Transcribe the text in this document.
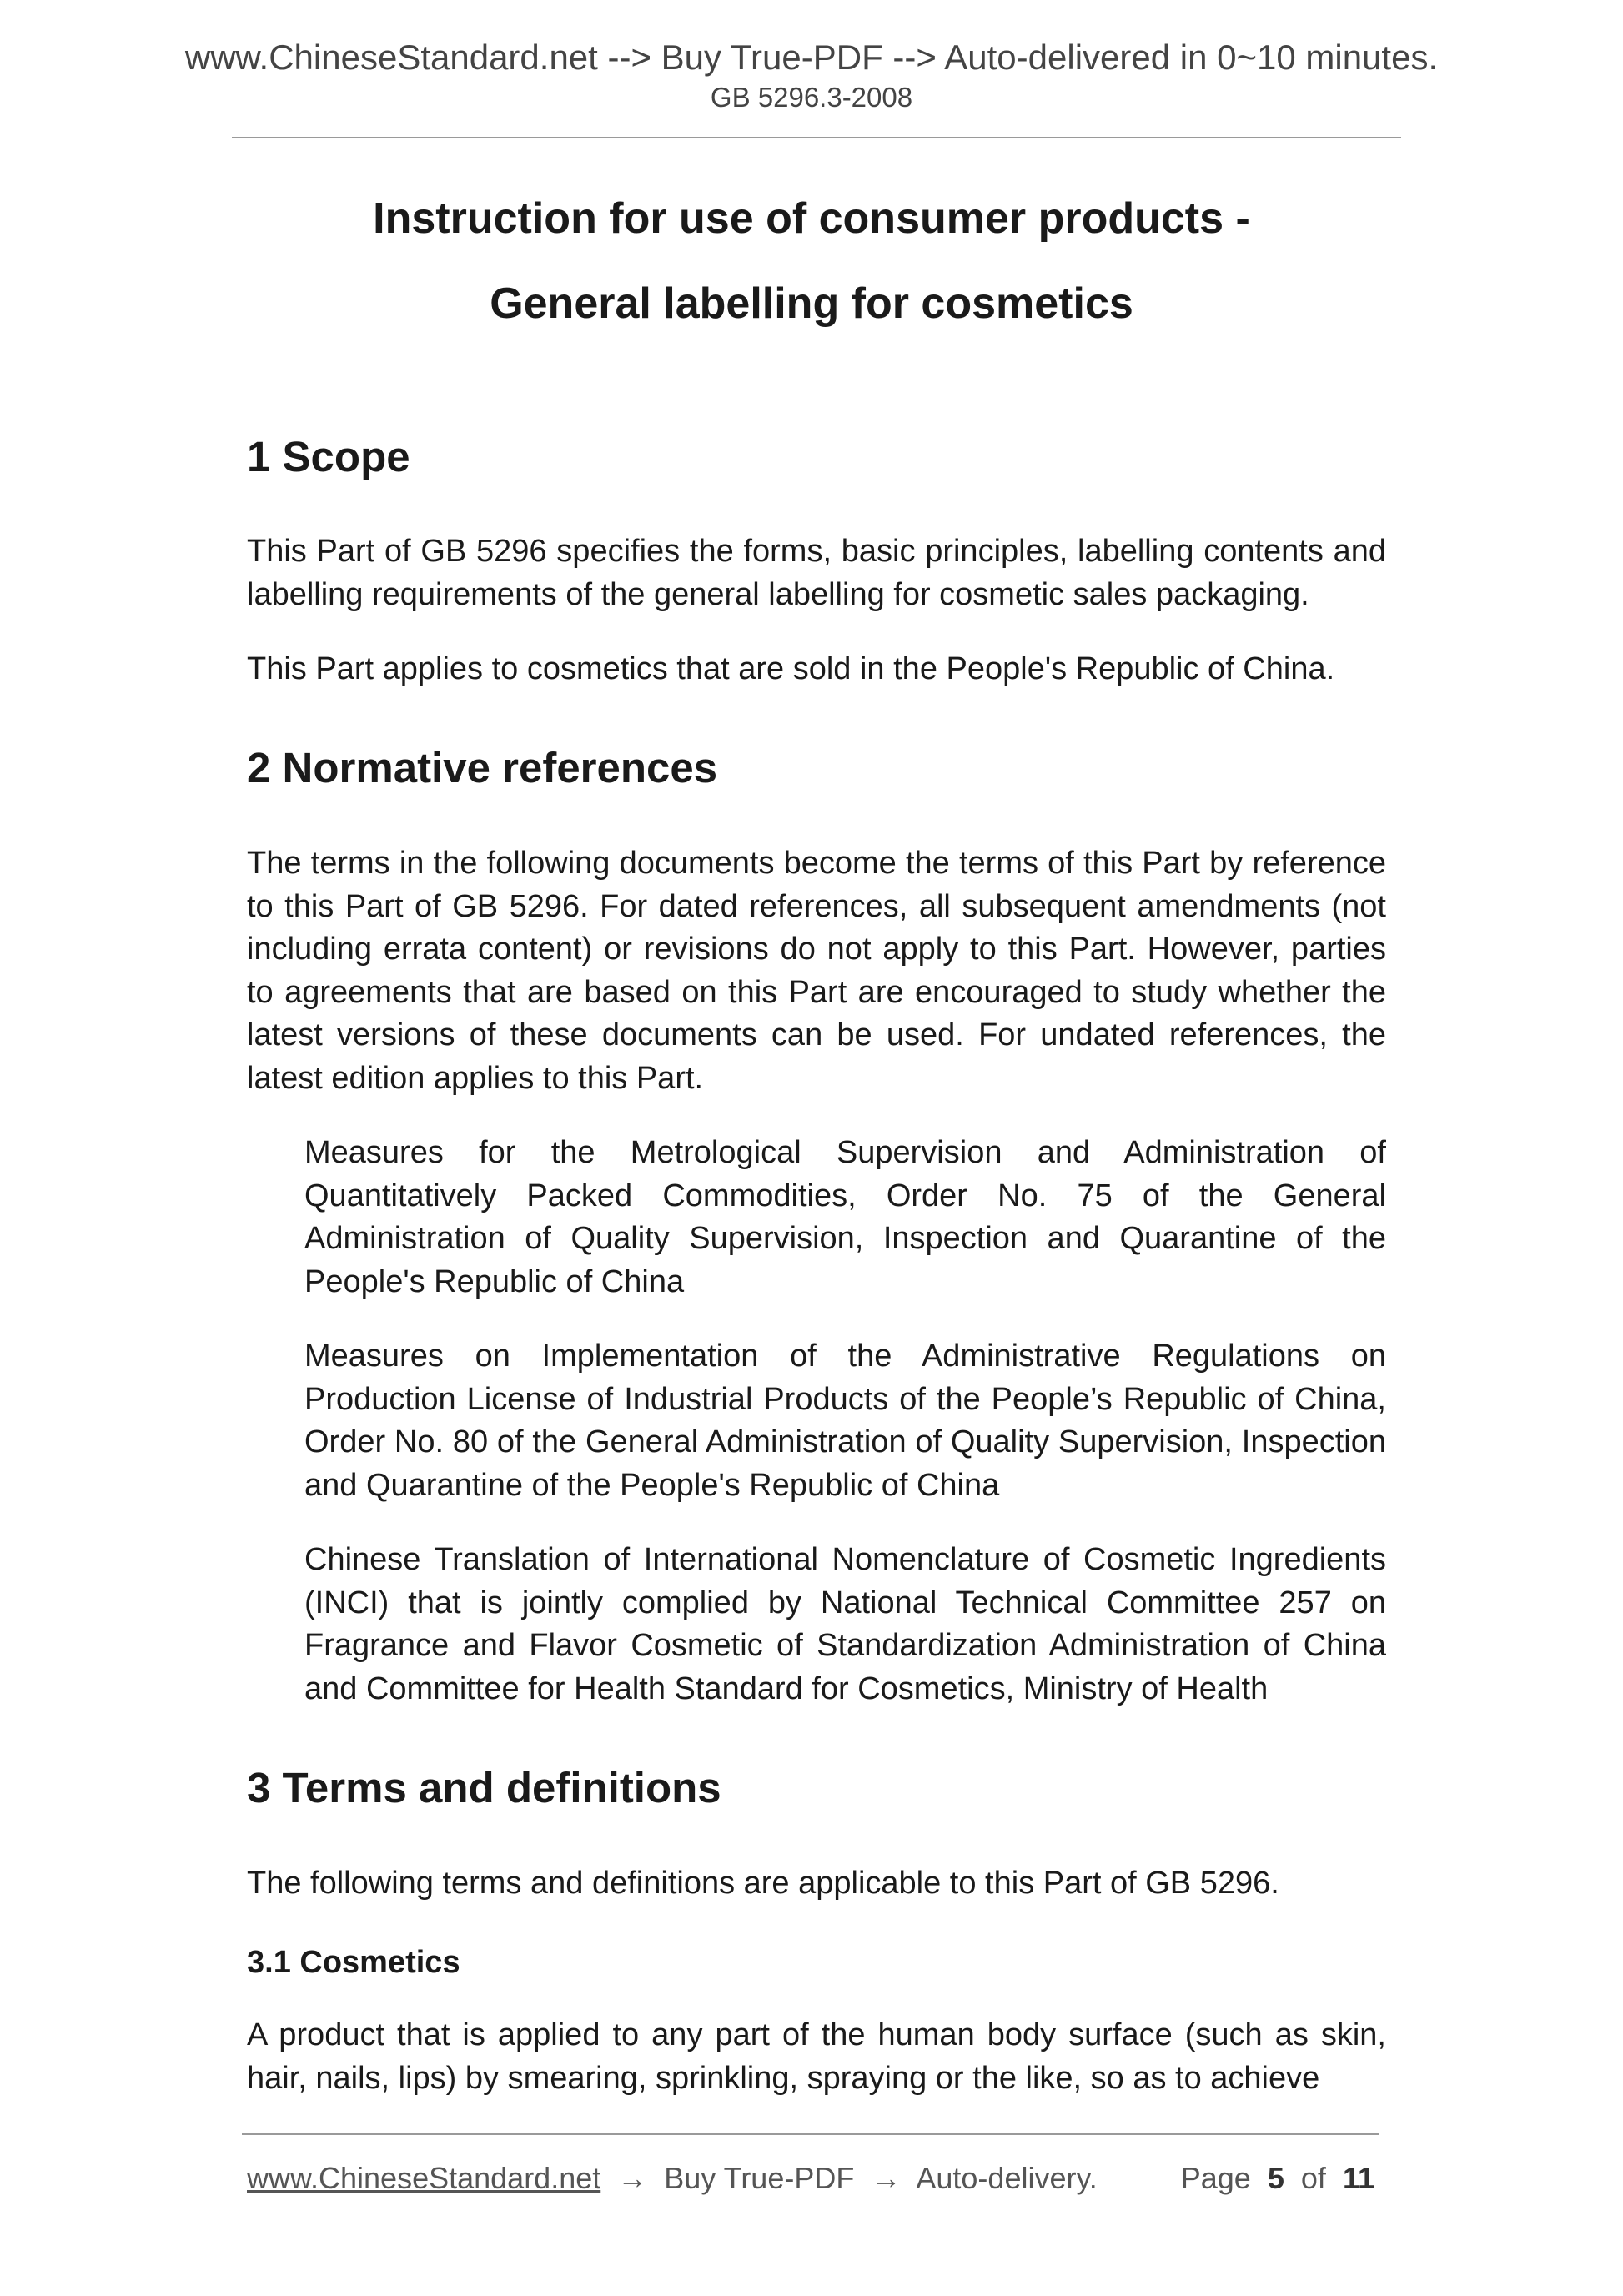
www.ChineseStandard.net --> Buy True-PDF --> Auto-delivered in 0~10 minutes.
GB 5296.3-2008
Instruction for use of consumer products -
General labelling for cosmetics
1 Scope
This Part of GB 5296 specifies the forms, basic principles, labelling contents and labelling requirements of the general labelling for cosmetic sales packaging.
This Part applies to cosmetics that are sold in the People's Republic of China.
2 Normative references
The terms in the following documents become the terms of this Part by reference to this Part of GB 5296. For dated references, all subsequent amendments (not including errata content) or revisions do not apply to this Part. However, parties to agreements that are based on this Part are encouraged to study whether the latest versions of these documents can be used. For undated references, the latest edition applies to this Part.
Measures for the Metrological Supervision and Administration of Quantitatively Packed Commodities, Order No. 75 of the General Administration of Quality Supervision, Inspection and Quarantine of the People's Republic of China
Measures on Implementation of the Administrative Regulations on Production License of Industrial Products of the People’s Republic of China, Order No. 80 of the General Administration of Quality Supervision, Inspection and Quarantine of the People's Republic of China
Chinese Translation of International Nomenclature of Cosmetic Ingredients (INCI) that is jointly complied by National Technical Committee 257 on Fragrance and Flavor Cosmetic of Standardization Administration of China and Committee for Health Standard for Cosmetics, Ministry of Health
3 Terms and definitions
The following terms and definitions are applicable to this Part of GB 5296.
3.1 Cosmetics
A product that is applied to any part of the human body surface (such as skin, hair, nails, lips) by smearing, sprinkling, spraying or the like, so as to achieve
www.ChineseStandard.net → Buy True-PDF → Auto-delivery.	Page 5 of 11
